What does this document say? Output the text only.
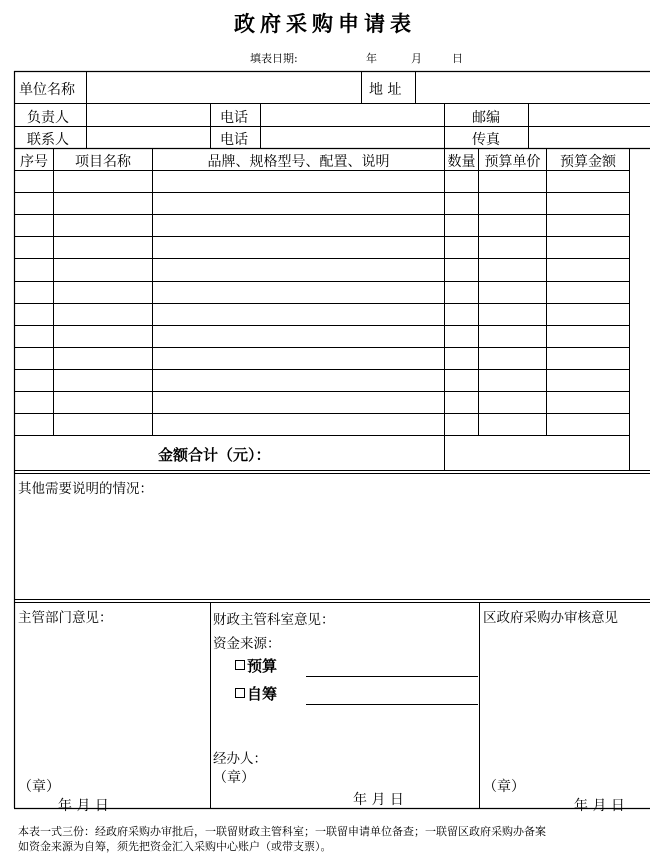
政府采购申请表
填表日期:	年	月	日
单位名称	地 址
负责人	电话	邮编
联系人	电话	传真
序号	项目名称	品牌、规格型号、配置、说明	数量 预算单价	预算金额
金额合计（元）：
其他需要说明的情况：
主管部门意见：
（章）
年 月 日
财政主管科室意见：
资金来源：
预算
自筹
经办人：
（章）
年 月 日
区政府采购办审核意见
（章）
年 月 日
本表一式三份：经政府采购办审批后，一联留财政主管科室；一联留申请单位备查；一联留区政府采购办备案
如资金来源为自筹，须先把资金汇入采购中心账户（或带支票）。
